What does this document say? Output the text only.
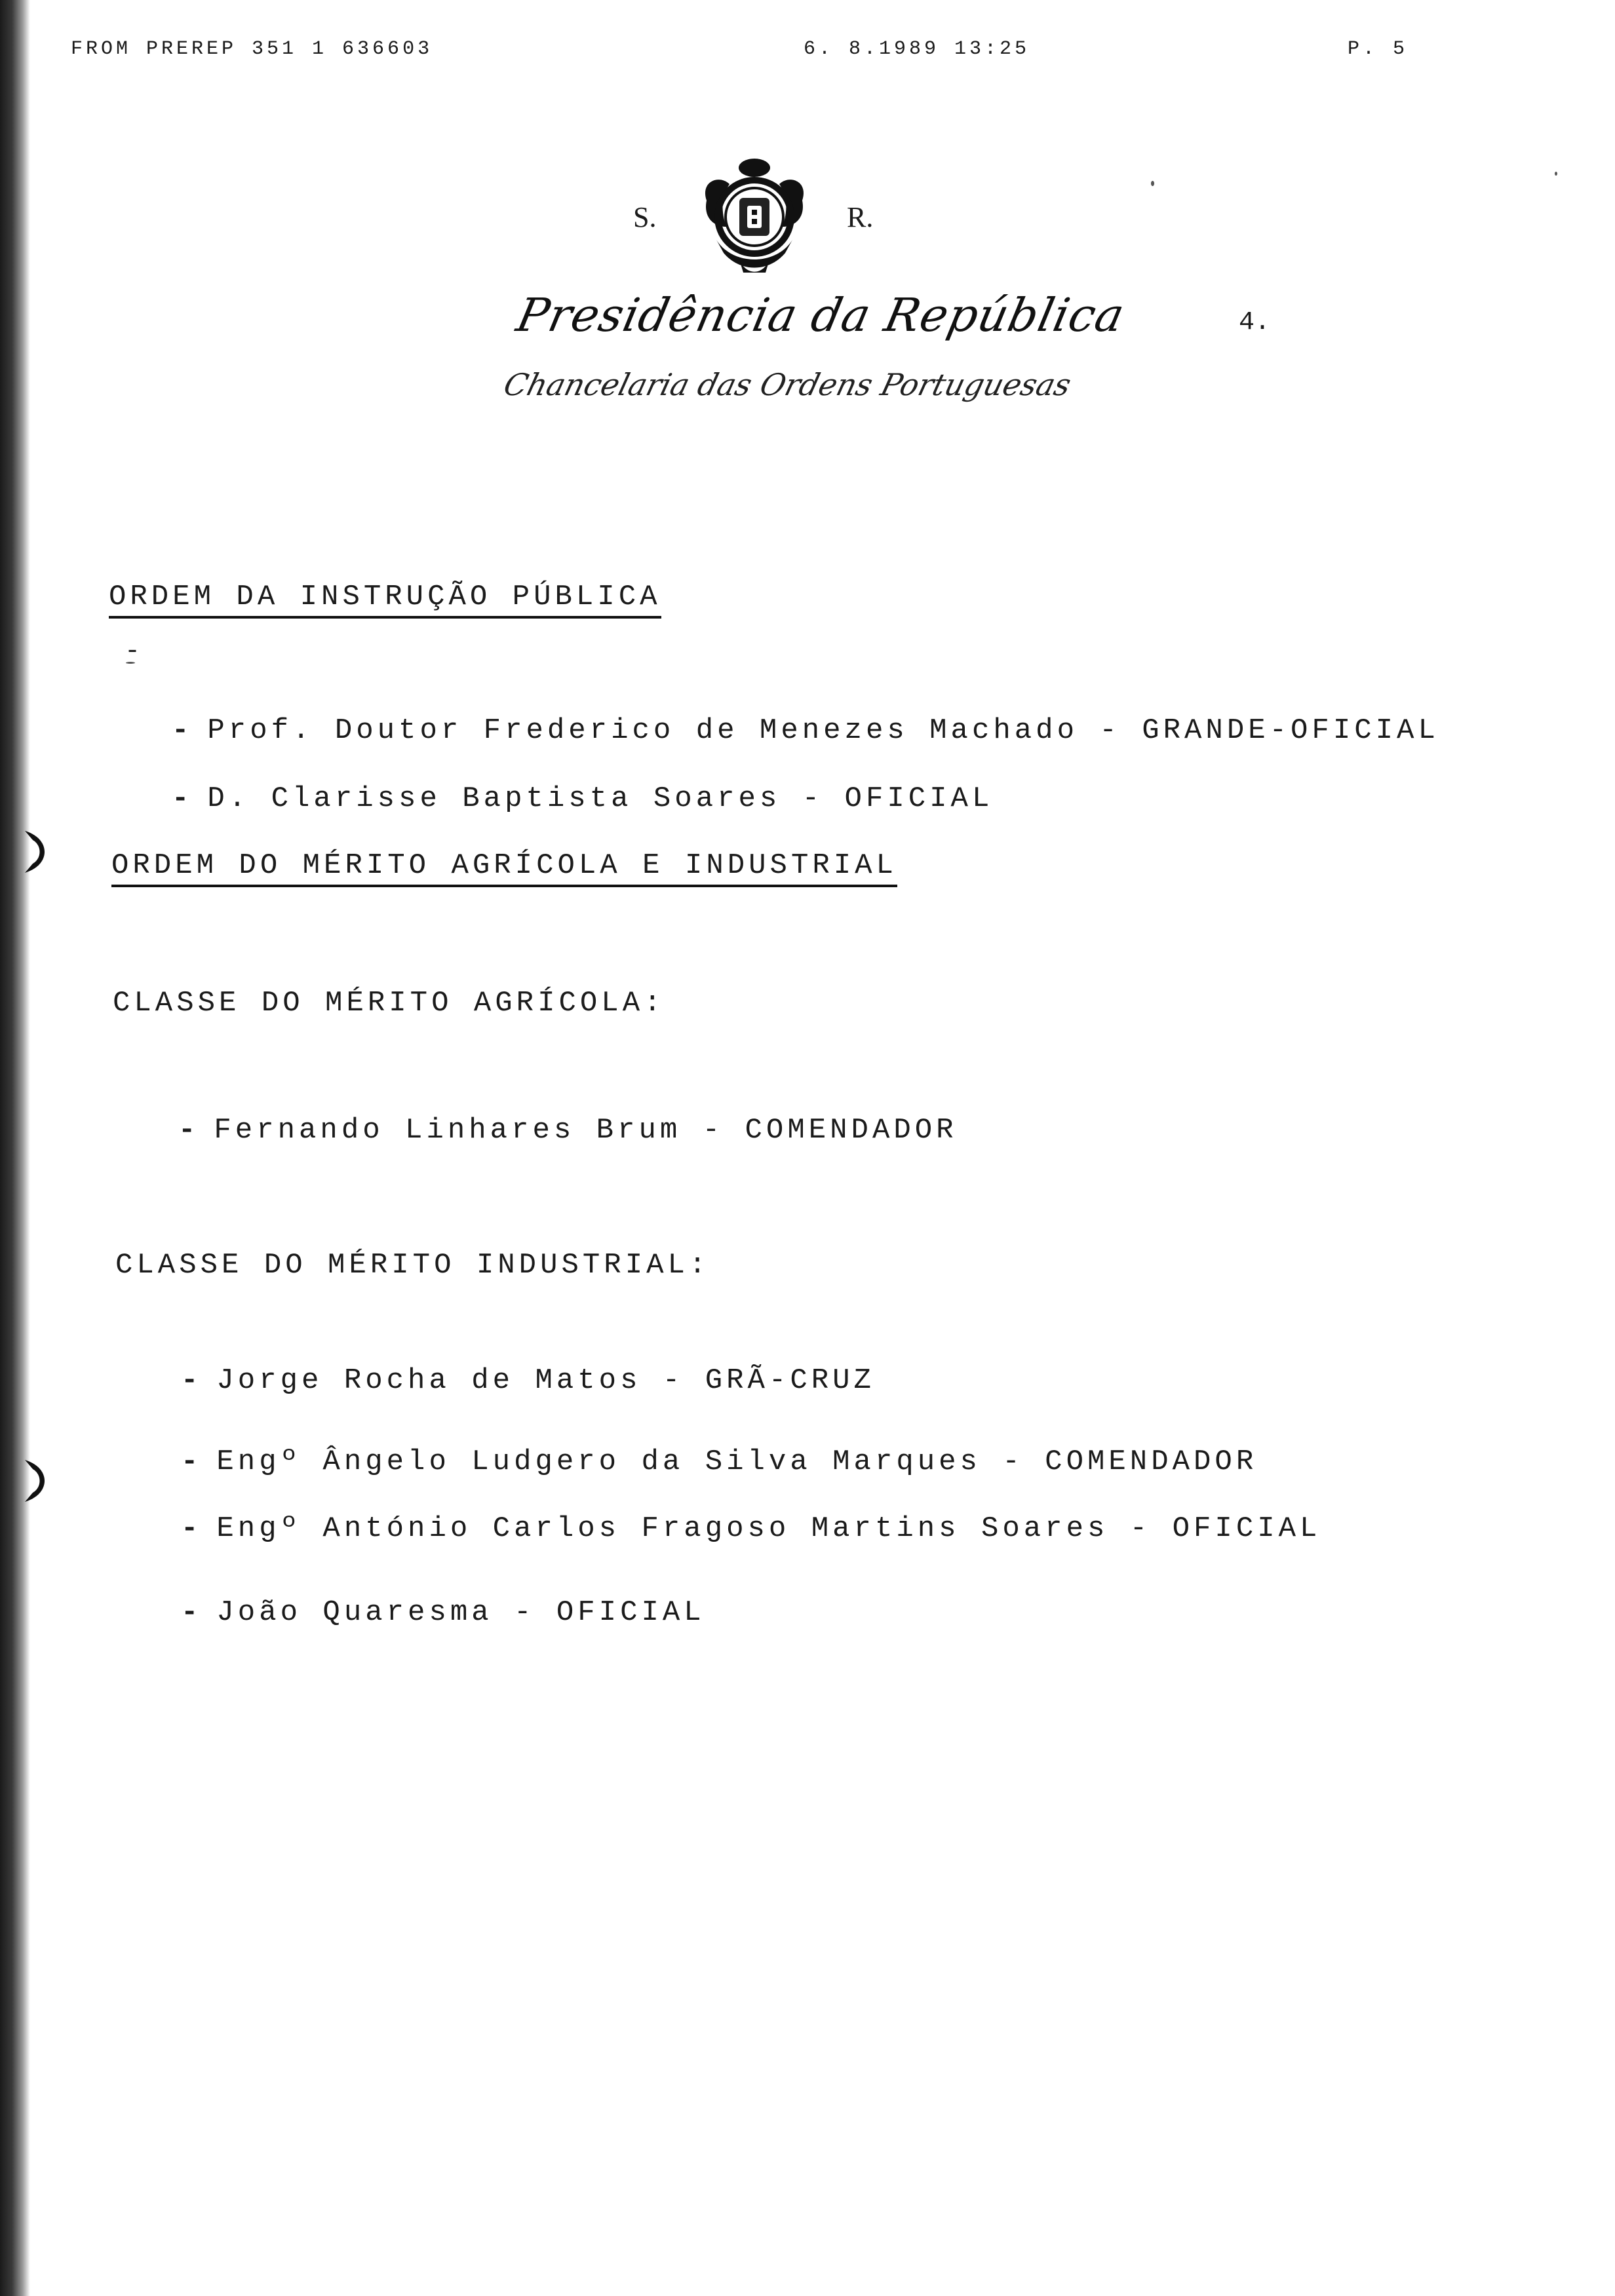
FROM PREREP 351 1 636603	6. 8.1989 13:25	P. 5
S.	R.
Presidência da República
Chancelaria das Ordens Portuguesas
4.
ORDEM DA INSTRUÇÃO PÚBLICA
-
- Prof. Doutor Frederico de Menezes Machado - GRANDE-OFICIAL
- D. Clarisse Baptista Soares - OFICIAL
ORDEM DO MÉRITO AGRÍCOLA E INDUSTRIAL
CLASSE DO MÉRITO AGRÍCOLA:
- Fernando Linhares Brum - COMENDADOR
CLASSE DO MÉRITO INDUSTRIAL:
- Jorge Rocha de Matos - GRÃ-CRUZ
- Engº Ângelo Ludgero da Silva Marques - COMENDADOR
- Engº António Carlos Fragoso Martins Soares - OFICIAL
- João Quaresma - OFICIAL
